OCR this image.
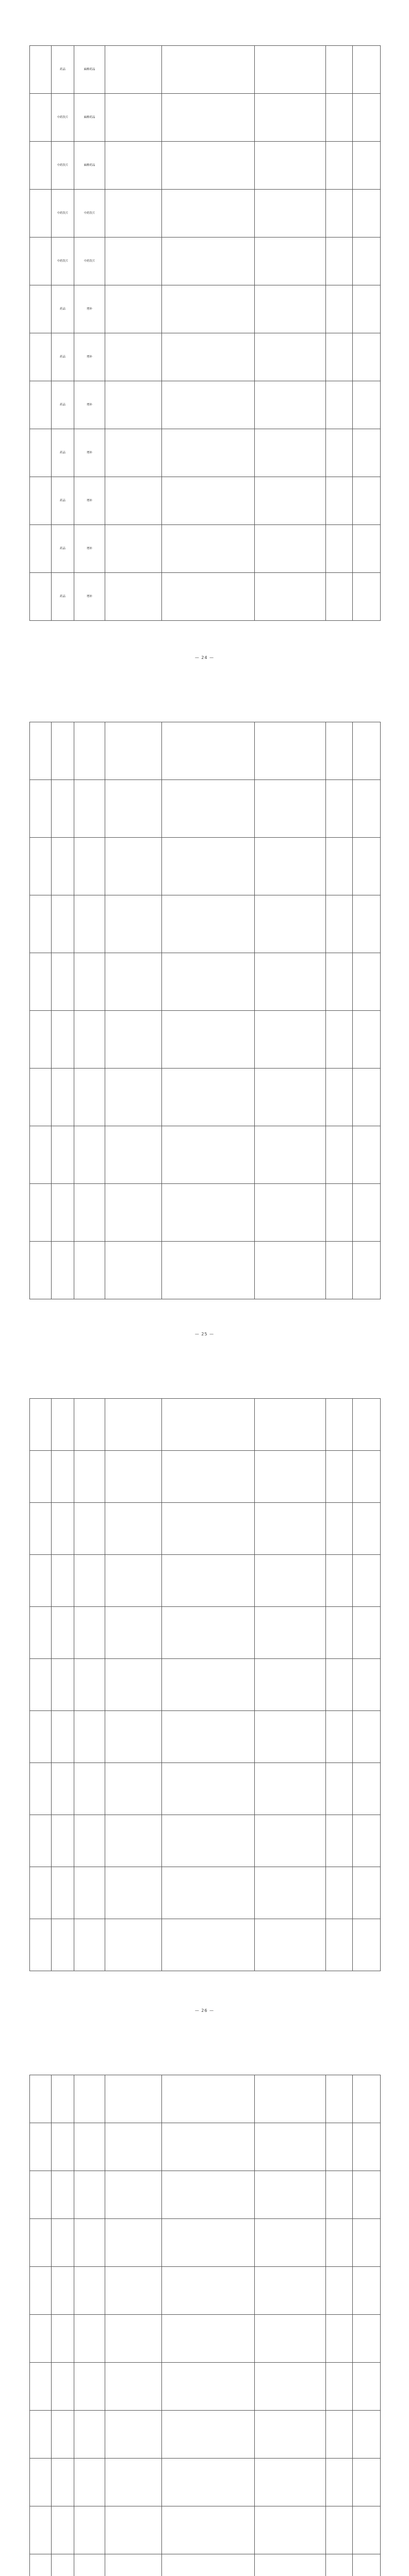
	药品	麻醉药品					
	中药饮片	麻醉药品					
	中药饮片	麻醉药品					
	中药饮片	中药饮片					
	中药饮片	中药饮片					
	药品	增补					
	药品	增补					
	药品	增补					
	药品	增补					
	药品	增补					
	药品	增补					
	药品	增补					
— 24 —

— 25 —

— 26 —
